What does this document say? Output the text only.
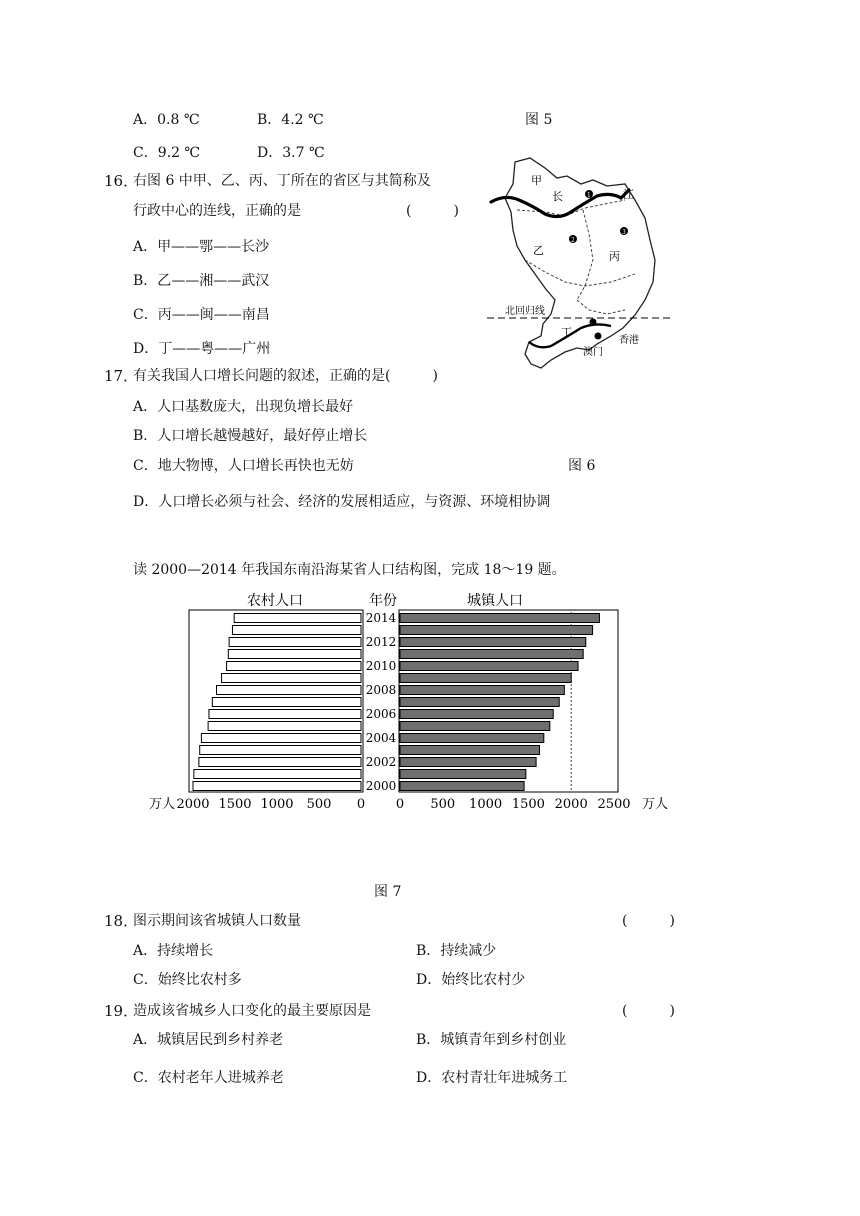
A．0.8 ℃	B．4.2 ℃	图 5
C．9.2 ℃	D．3.7 ℃
16．
右图 6 中甲、乙、丙、丁所在的省区与其简称及
行政中心的连线，正确的是	(　　　)
A．甲——鄂——长沙
B．乙——湘——武汉
C．丙——闽——南昌
D．丁——粤——广州
1
2
3
甲
长	江
乙	丙
北回归线
丁
香港
澳门
17．
有关我国人口增长问题的叙述，正确的是(　　　)
A．人口基数庞大，出现负增长最好
B．人口增长越慢越好，最好停止增长
C．地大物博，人口增长再快也无妨	图 6
D．人口增长必须与社会、经济的发展相适应，与资源、环境相协调
读 2000—2014 年我国东南沿海某省人口结构图，完成 18～19 题。
农村人口	年份	城镇人口
2000
2002
2004
2006
2008
2010
2012
2014
2000 1500 1000 500 0 0 500 1000 1500 2000 2500
万人	万人
图 7
18．
图示期间该省城镇人口数量	(　　　)
A．持续增长	B．持续减少
C．始终比农村多	D．始终比农村少
19．
造成该省城乡人口变化的最主要原因是	(　　　)
A．城镇居民到乡村养老	B．城镇青年到乡村创业
C．农村老年人进城养老	D．农村青壮年进城务工
